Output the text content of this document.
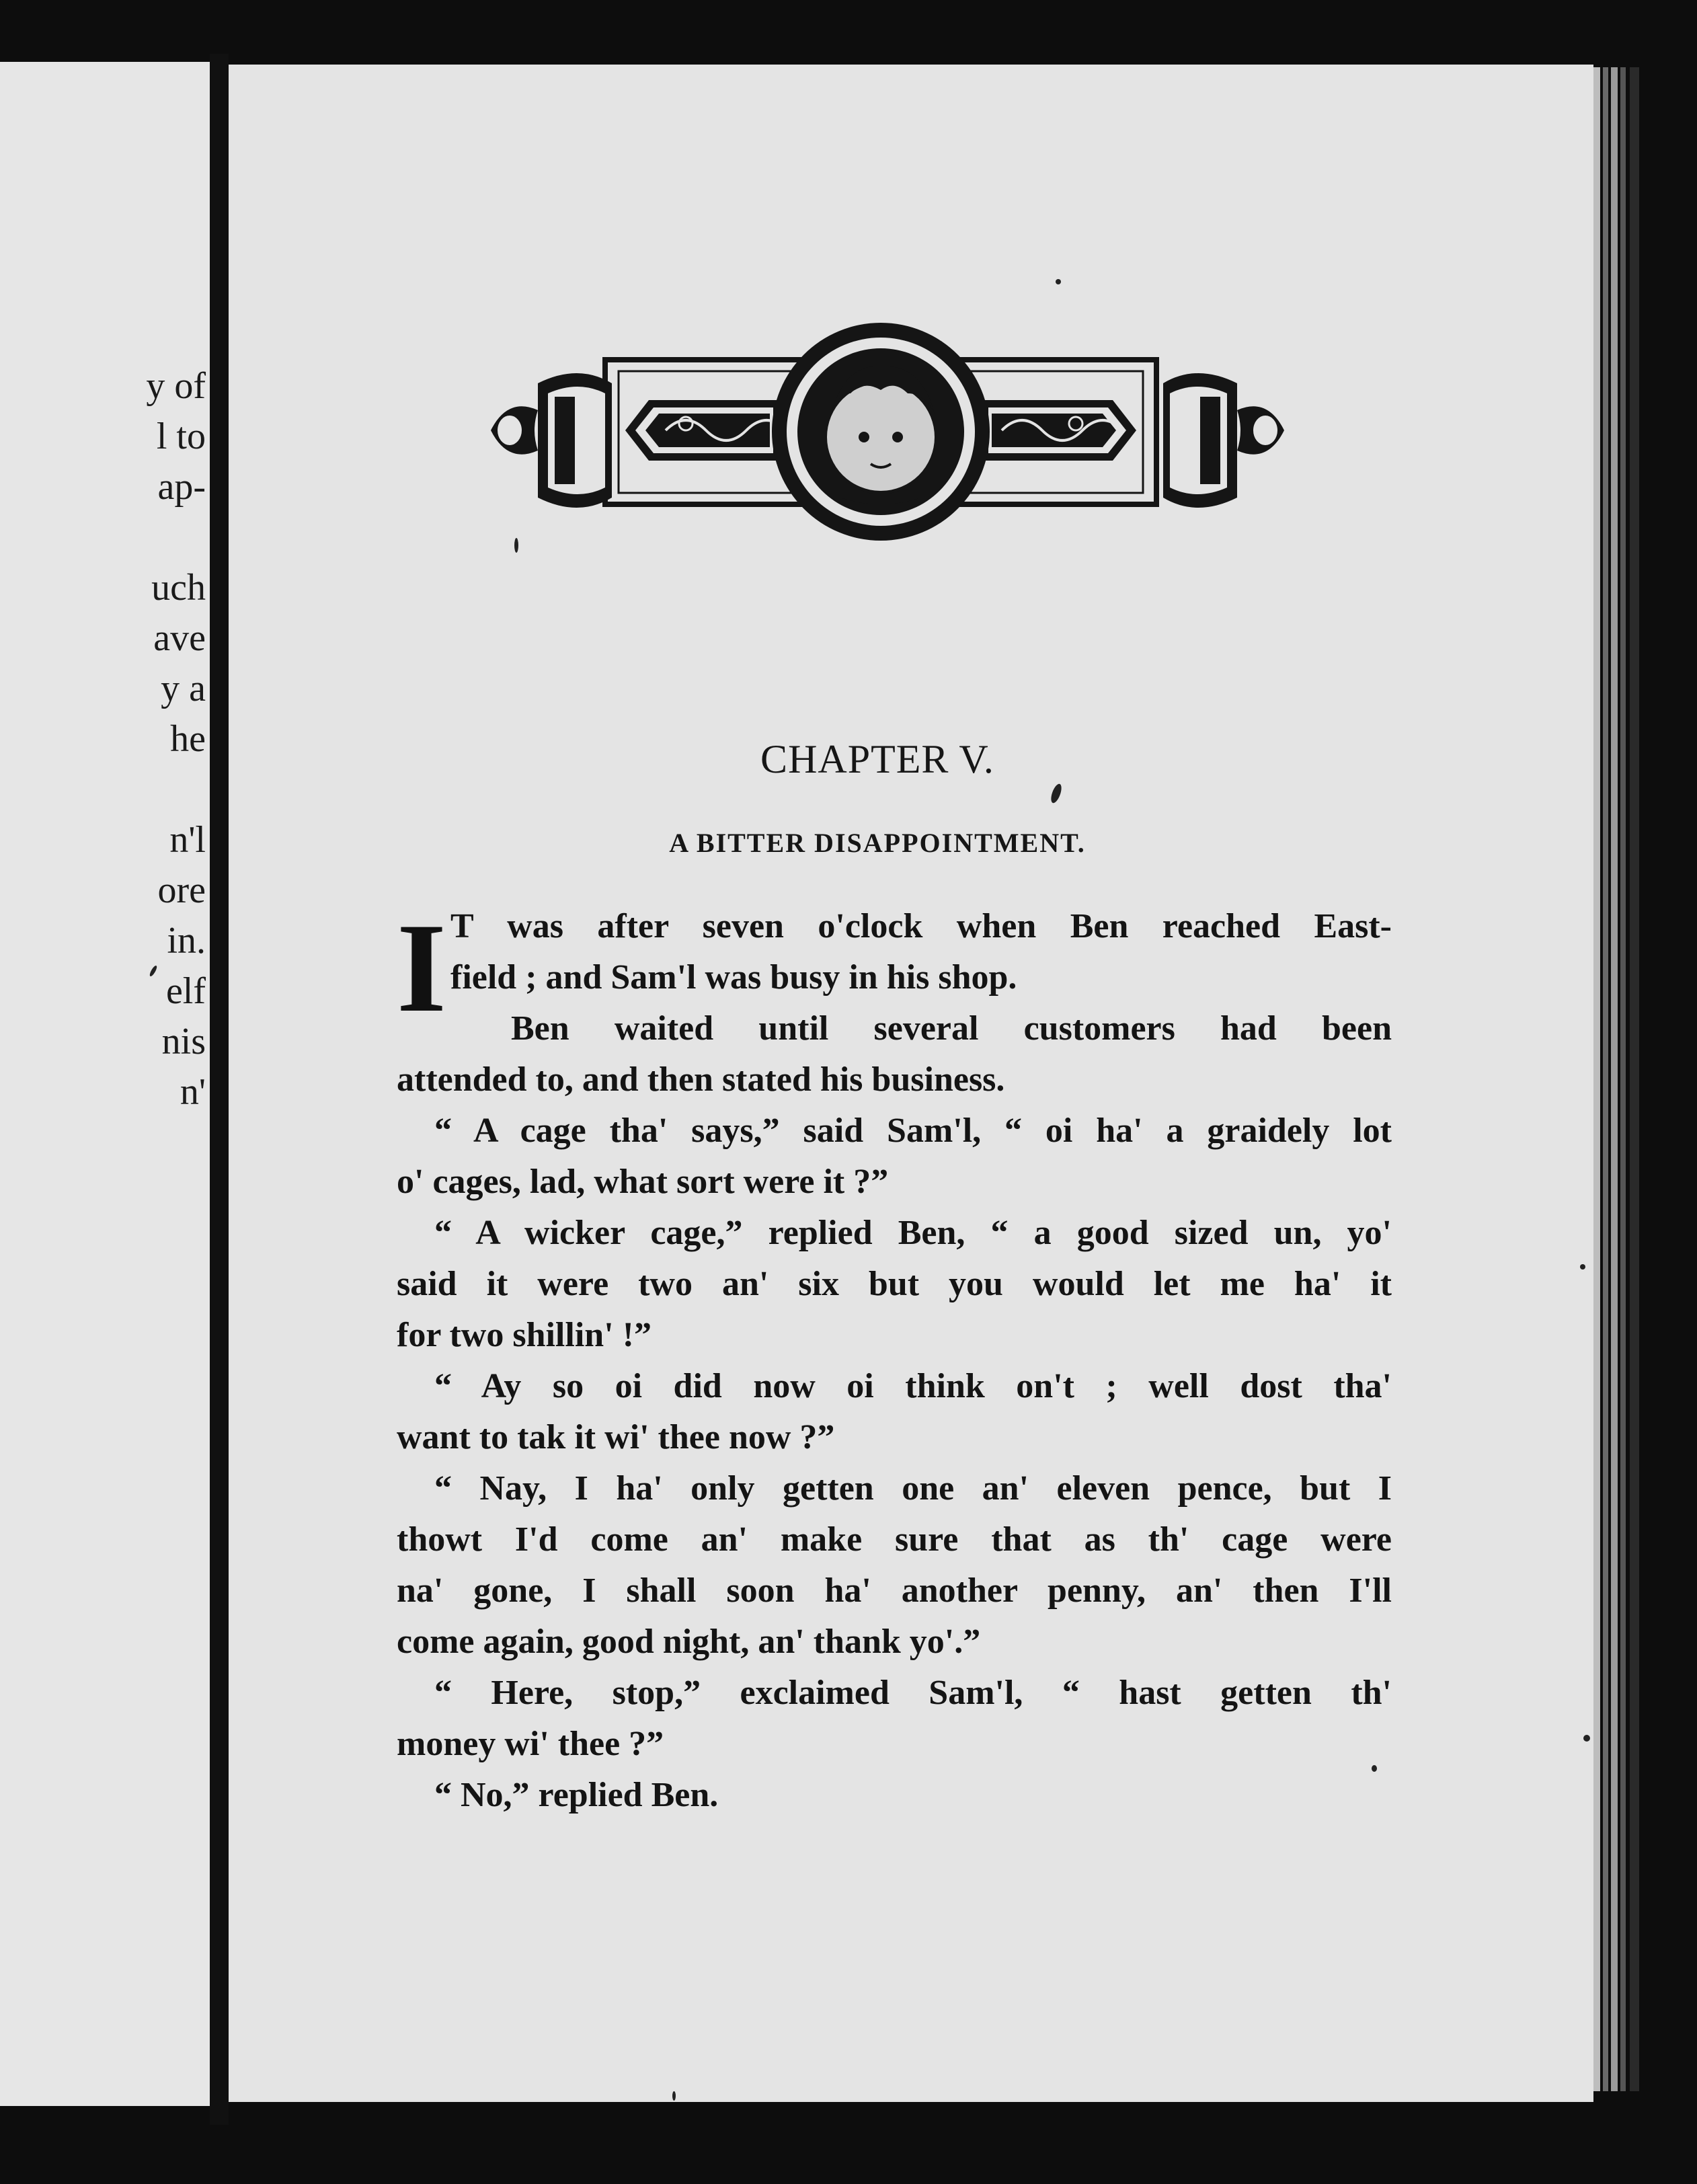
y of
l to
ap-
uch
ave
y a
he
n'l
ore
in.
elf
nis
n'
CHAPTER V.
A BITTER DISAPPOINTMENT.
I T was after seven o'clock when Ben reached East-
field ; and Sam'l was busy in his shop.
Ben waited until several customers had been
attended to, and then stated his business.
“ A cage tha' says,” said Sam'l, “ oi ha' a graidely lot
o' cages, lad, what sort were it ?”
“ A wicker cage,” replied Ben, “ a good sized un, yo'
said it were two an' six but you would let me ha' it
for two shillin' !”
“ Ay so oi did now oi think on't ; well dost tha'
want to tak it wi' thee now ?”
“ Nay, I ha' only getten one an' eleven pence, but I
thowt I'd come an' make sure that as th' cage were
na' gone, I shall soon ha' another penny, an' then I'll
come again, good night, an' thank yo'.”
“ Here, stop,” exclaimed Sam'l, “ hast getten th'
money wi' thee ?”
“ No,” replied Ben.
